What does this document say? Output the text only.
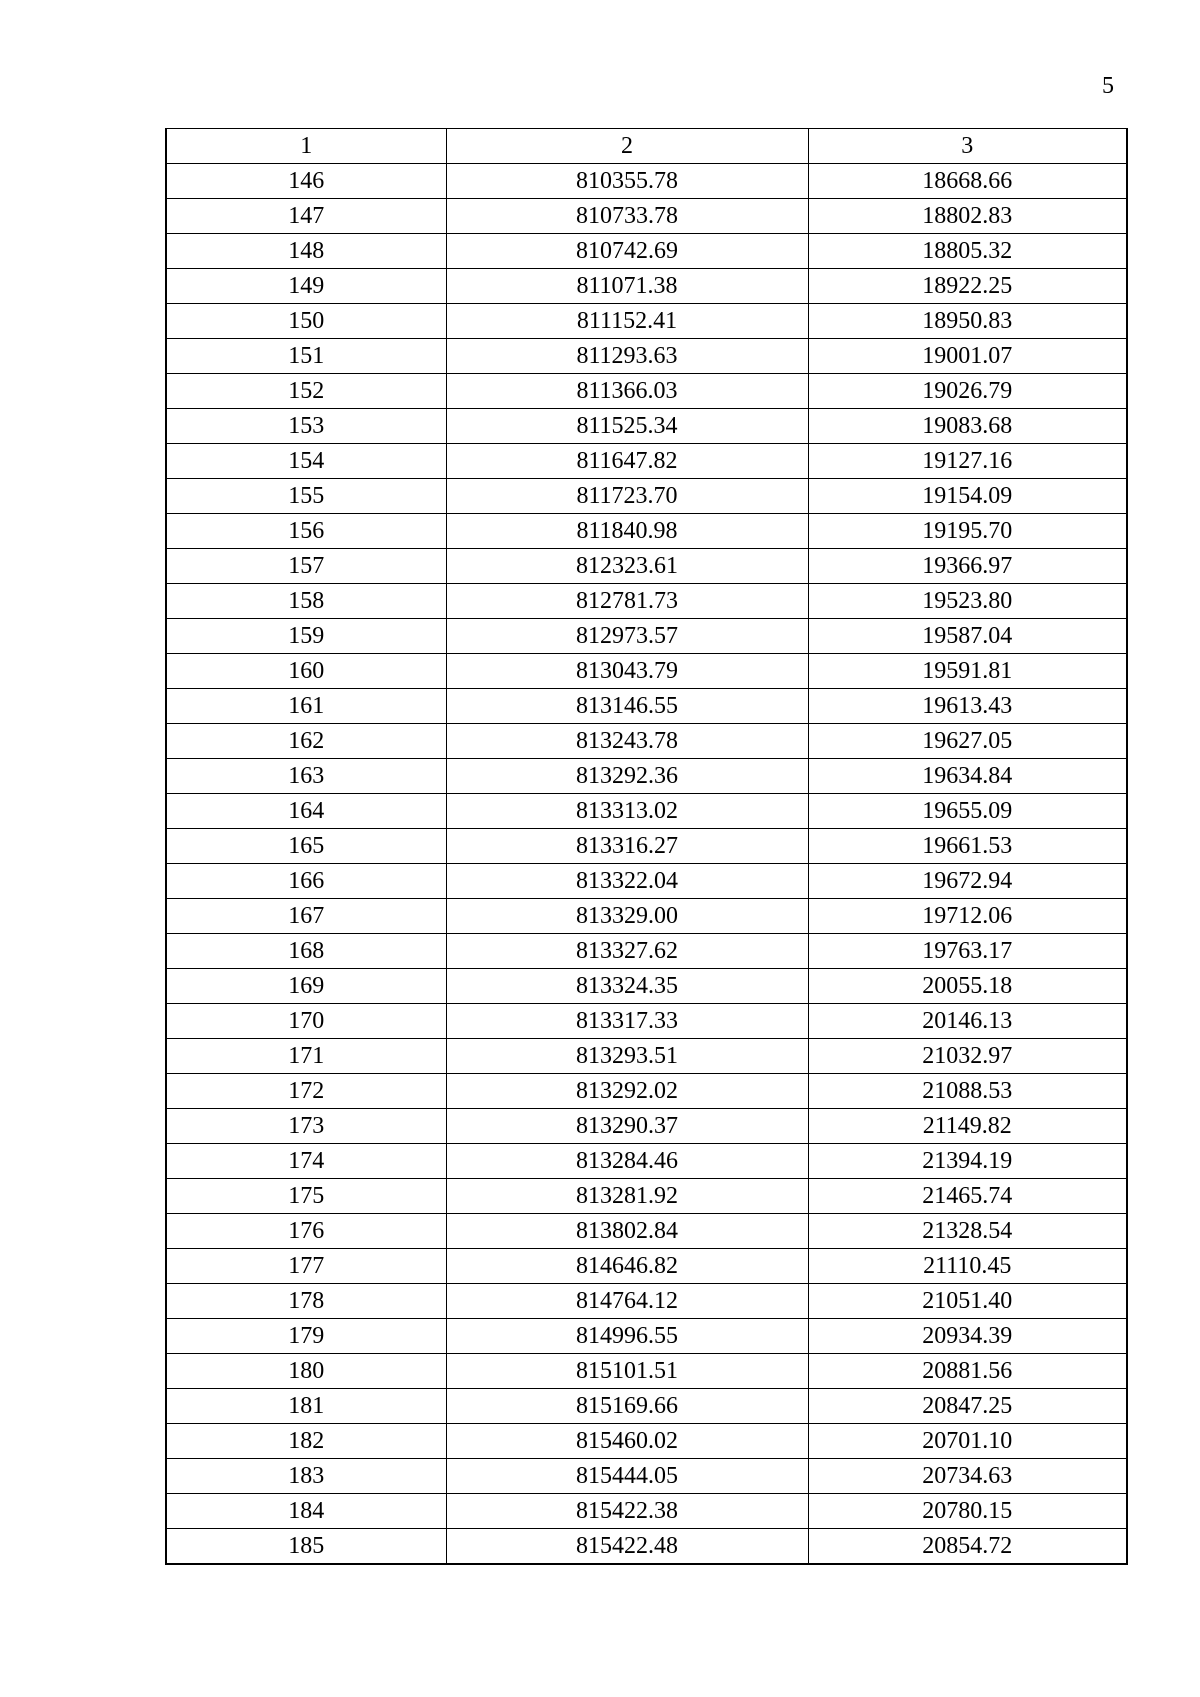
5
1	2	3
146	810355.78	18668.66
147	810733.78	18802.83
148	810742.69	18805.32
149	811071.38	18922.25
150	811152.41	18950.83
151	811293.63	19001.07
152	811366.03	19026.79
153	811525.34	19083.68
154	811647.82	19127.16
155	811723.70	19154.09
156	811840.98	19195.70
157	812323.61	19366.97
158	812781.73	19523.80
159	812973.57	19587.04
160	813043.79	19591.81
161	813146.55	19613.43
162	813243.78	19627.05
163	813292.36	19634.84
164	813313.02	19655.09
165	813316.27	19661.53
166	813322.04	19672.94
167	813329.00	19712.06
168	813327.62	19763.17
169	813324.35	20055.18
170	813317.33	20146.13
171	813293.51	21032.97
172	813292.02	21088.53
173	813290.37	21149.82
174	813284.46	21394.19
175	813281.92	21465.74
176	813802.84	21328.54
177	814646.82	21110.45
178	814764.12	21051.40
179	814996.55	20934.39
180	815101.51	20881.56
181	815169.66	20847.25
182	815460.02	20701.10
183	815444.05	20734.63
184	815422.38	20780.15
185	815422.48	20854.72
